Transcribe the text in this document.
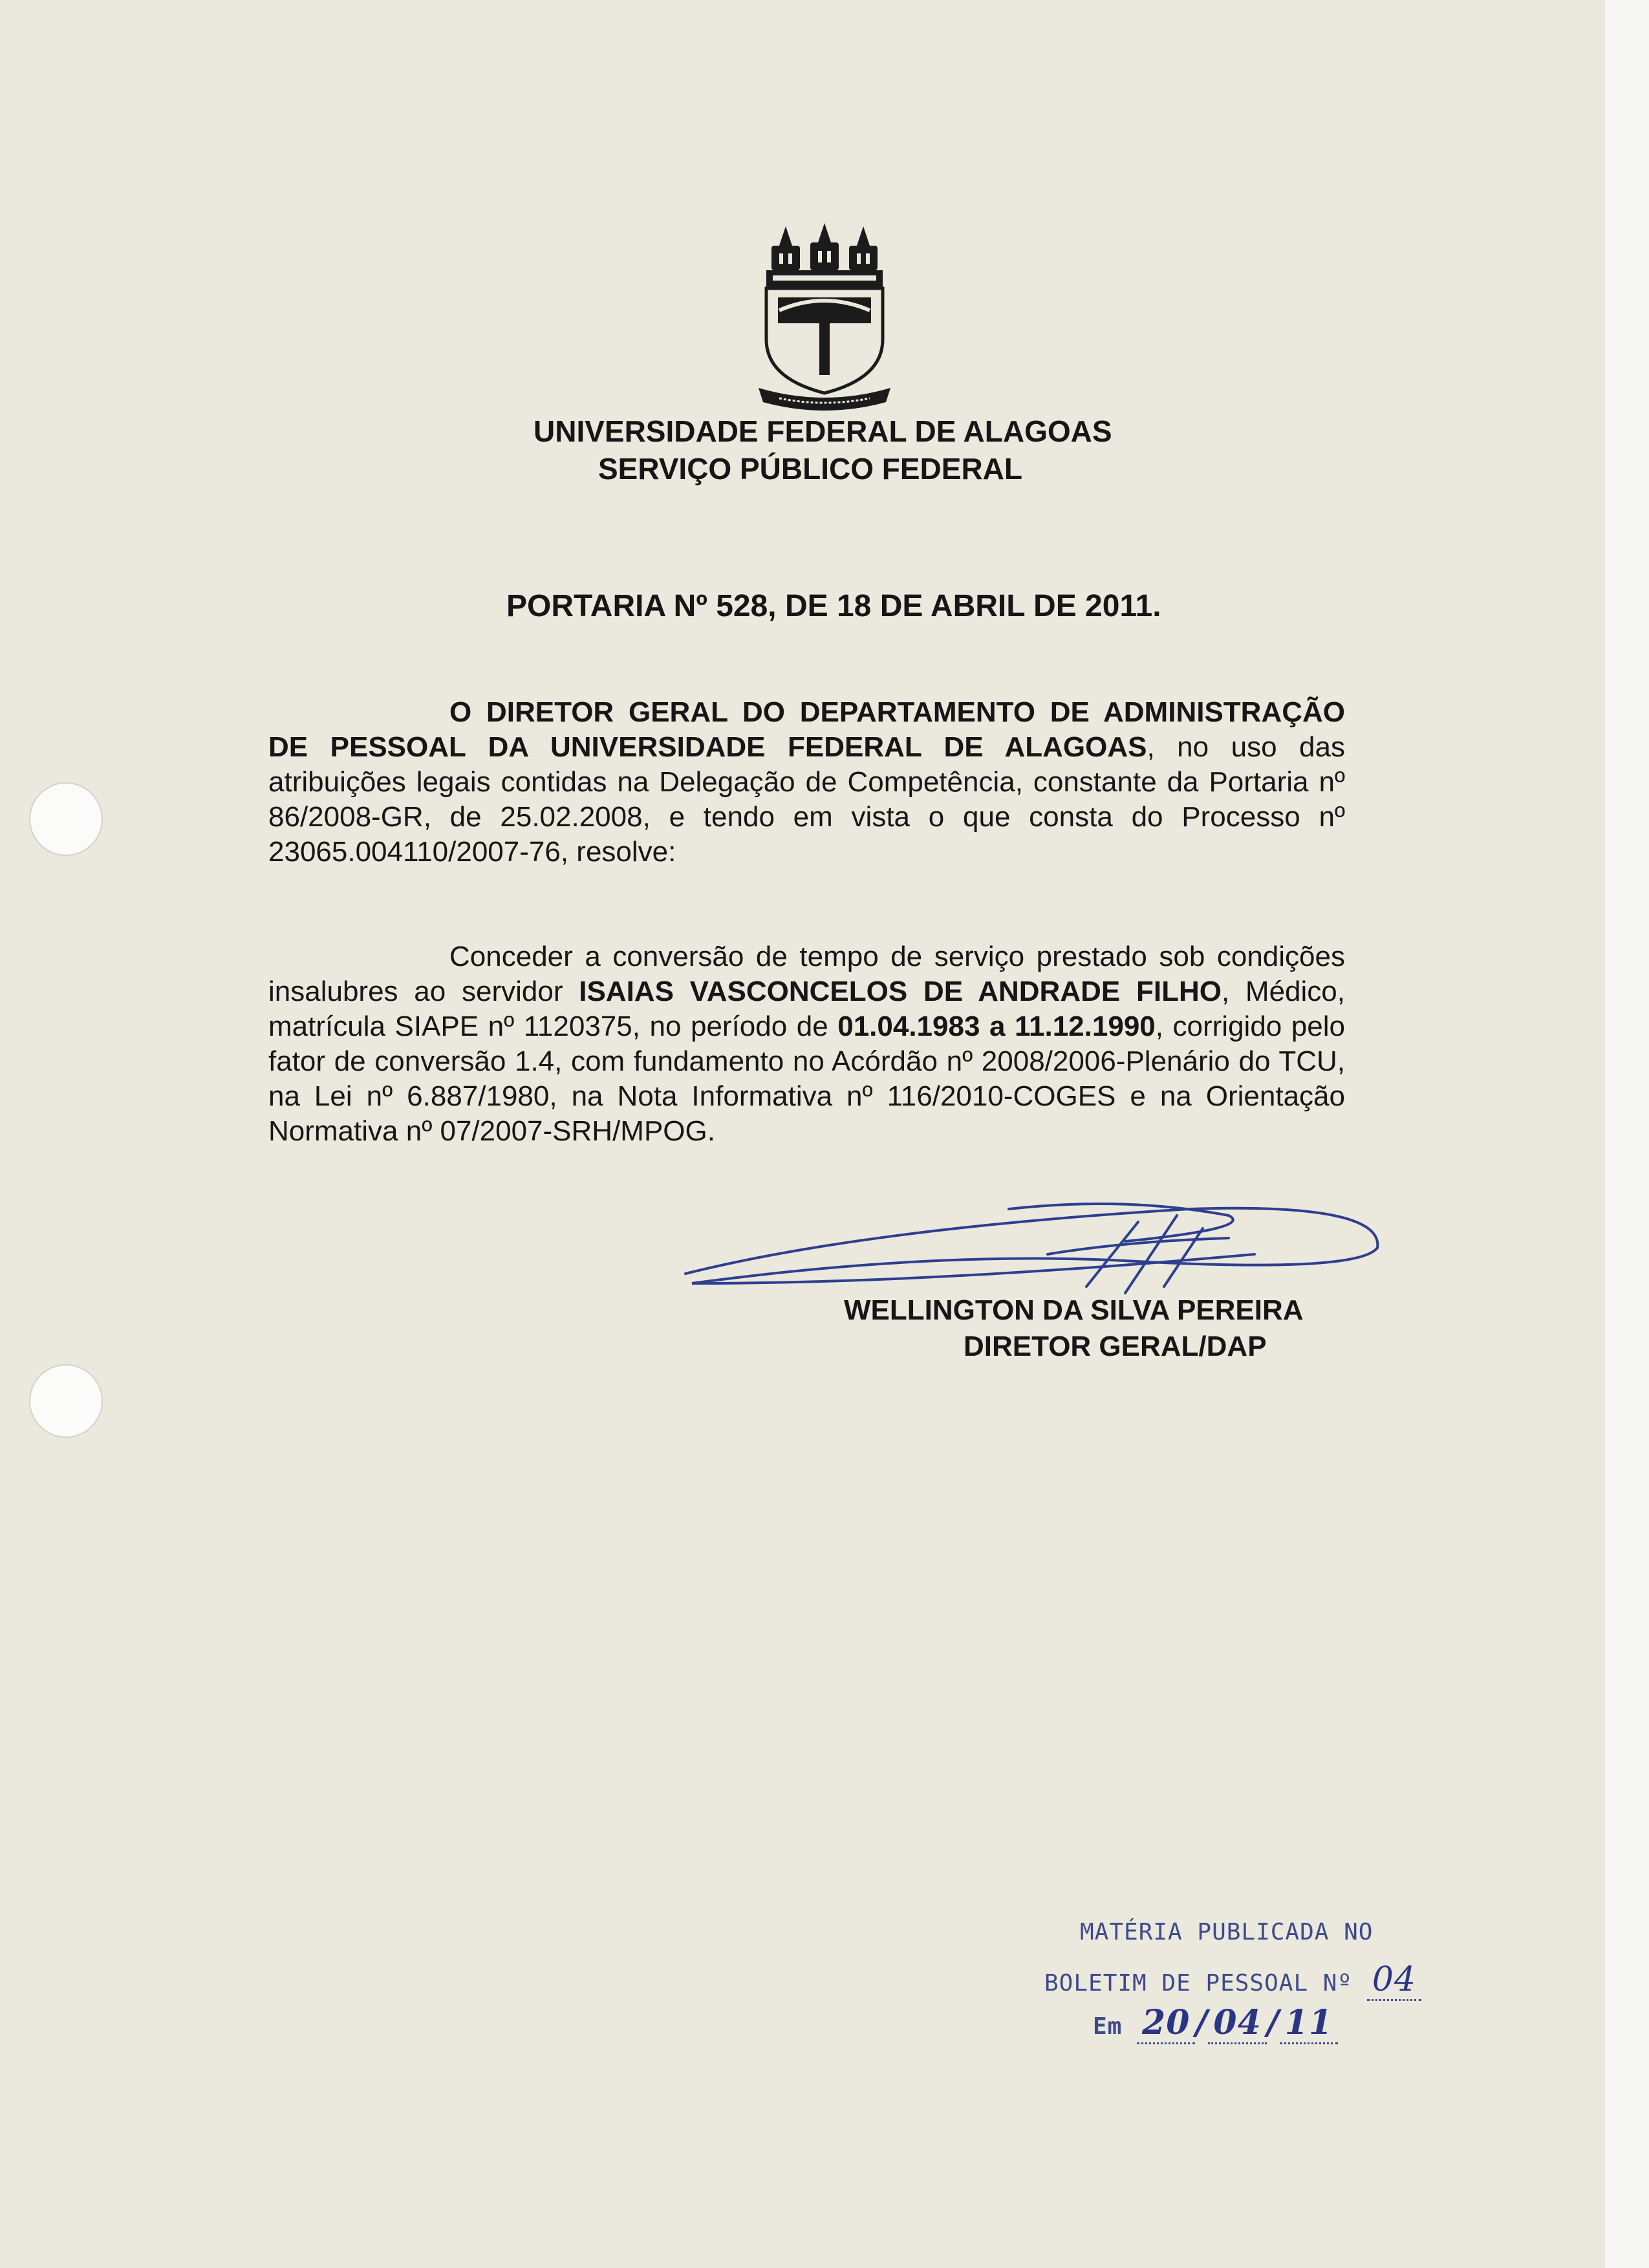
UNIVERSIDADE FEDERAL DE ALAGOAS

SERVIÇO PÚBLICO FEDERAL

PORTARIA Nº 528, DE 18 DE ABRIL DE 2011.

O DIRETOR GERAL DO DEPARTAMENTO DE ADMINISTRAÇÃO DE PESSOAL DA UNIVERSIDADE FEDERAL DE ALAGOAS, no uso das atribuições legais contidas na Delegação de Competência, constante da Portaria nº 86/2008-GR, de 25.02.2008, e tendo em vista o que consta do Processo nº 23065.004110/2007-76, resolve:

Conceder a conversão de tempo de serviço prestado sob condições insalubres ao servidor ISAIAS VASCONCELOS DE ANDRADE FILHO, Médico, matrícula SIAPE nº 1120375, no período de 01.04.1983 a 11.12.1990, corrigido pelo fator de conversão 1.4, com fundamento no Acórdão nº 2008/2006-Plenário do TCU, na Lei nº 6.887/1980, na Nota Informativa nº 116/2010-COGES e na Orientação Normativa nº 07/2007-SRH/MPOG.

WELLINGTON DA SILVA PEREIRA

DIRETOR GERAL/DAP

MATÉRIA PUBLICADA NO
BOLETIM DE PESSOAL Nº 04
Em 20 / 04 / 11
